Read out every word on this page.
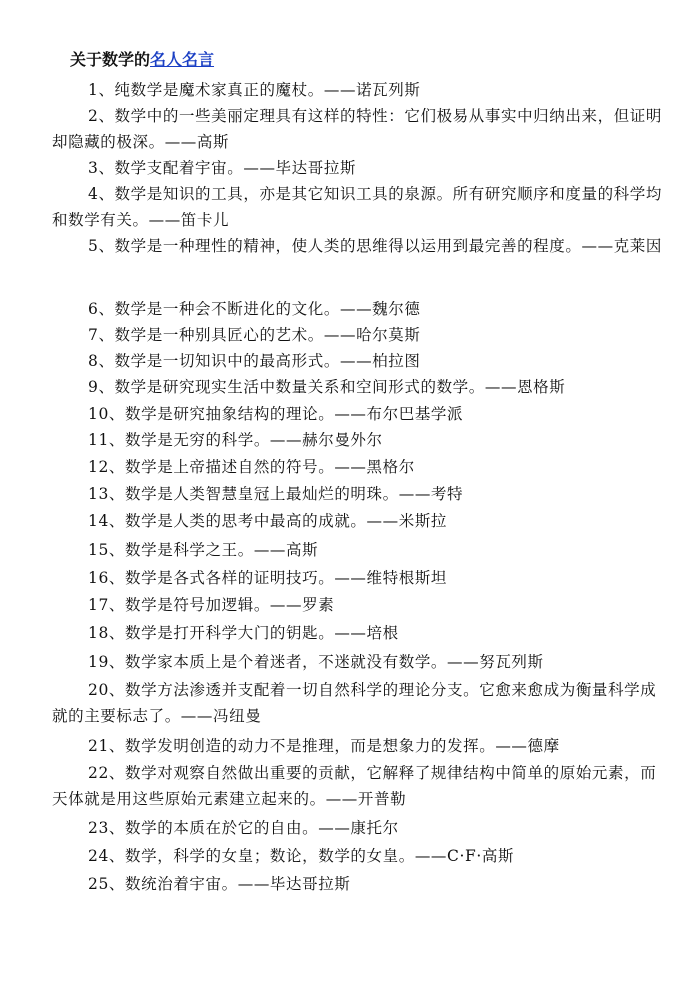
关于数学的名人名言

1、纯数学是魔术家真正的魔杖。——诺瓦列斯

2、数学中的一些美丽定理具有这样的特性：它们极易从事实中归纳出来，但证明却隐藏的极深。——高斯

3、数学支配着宇宙。——毕达哥拉斯

4、数学是知识的工具，亦是其它知识工具的泉源。所有研究顺序和度量的科学均和数学有关。——笛卡儿

5、数学是一种理性的精神，使人类的思维得以运用到最完善的程度。——克莱因

6、数学是一种会不断进化的文化。——魏尔德

7、数学是一种别具匠心的艺术。——哈尔莫斯

8、数学是一切知识中的最高形式。——柏拉图

9、数学是研究现实生活中数量关系和空间形式的数学。——恩格斯

10、数学是研究抽象结构的理论。——布尔巴基学派

11、数学是无穷的科学。——赫尔曼外尔

12、数学是上帝描述自然的符号。——黑格尔

13、数学是人类智慧皇冠上最灿烂的明珠。——考特

14、数学是人类的思考中最高的成就。——米斯拉

15、数学是科学之王。——高斯

16、数学是各式各样的证明技巧。——维特根斯坦

17、数学是符号加逻辑。——罗素

18、数学是打开科学大门的钥匙。——培根

19、数学家本质上是个着迷者，不迷就没有数学。——努瓦列斯

20、数学方法渗透并支配着一切自然科学的理论分支。它愈来愈成为衡量科学成就的主要标志了。——冯纽曼

21、数学发明创造的动力不是推理，而是想象力的发挥。——德摩

22、数学对观察自然做出重要的贡献，它解释了规律结构中简单的原始元素，而天体就是用这些原始元素建立起来的。——开普勒

23、数学的本质在於它的自由。——康托尔

24、数学，科学的女皇；数论，数学的女皇。——C·F·高斯

25、数统治着宇宙。——毕达哥拉斯
